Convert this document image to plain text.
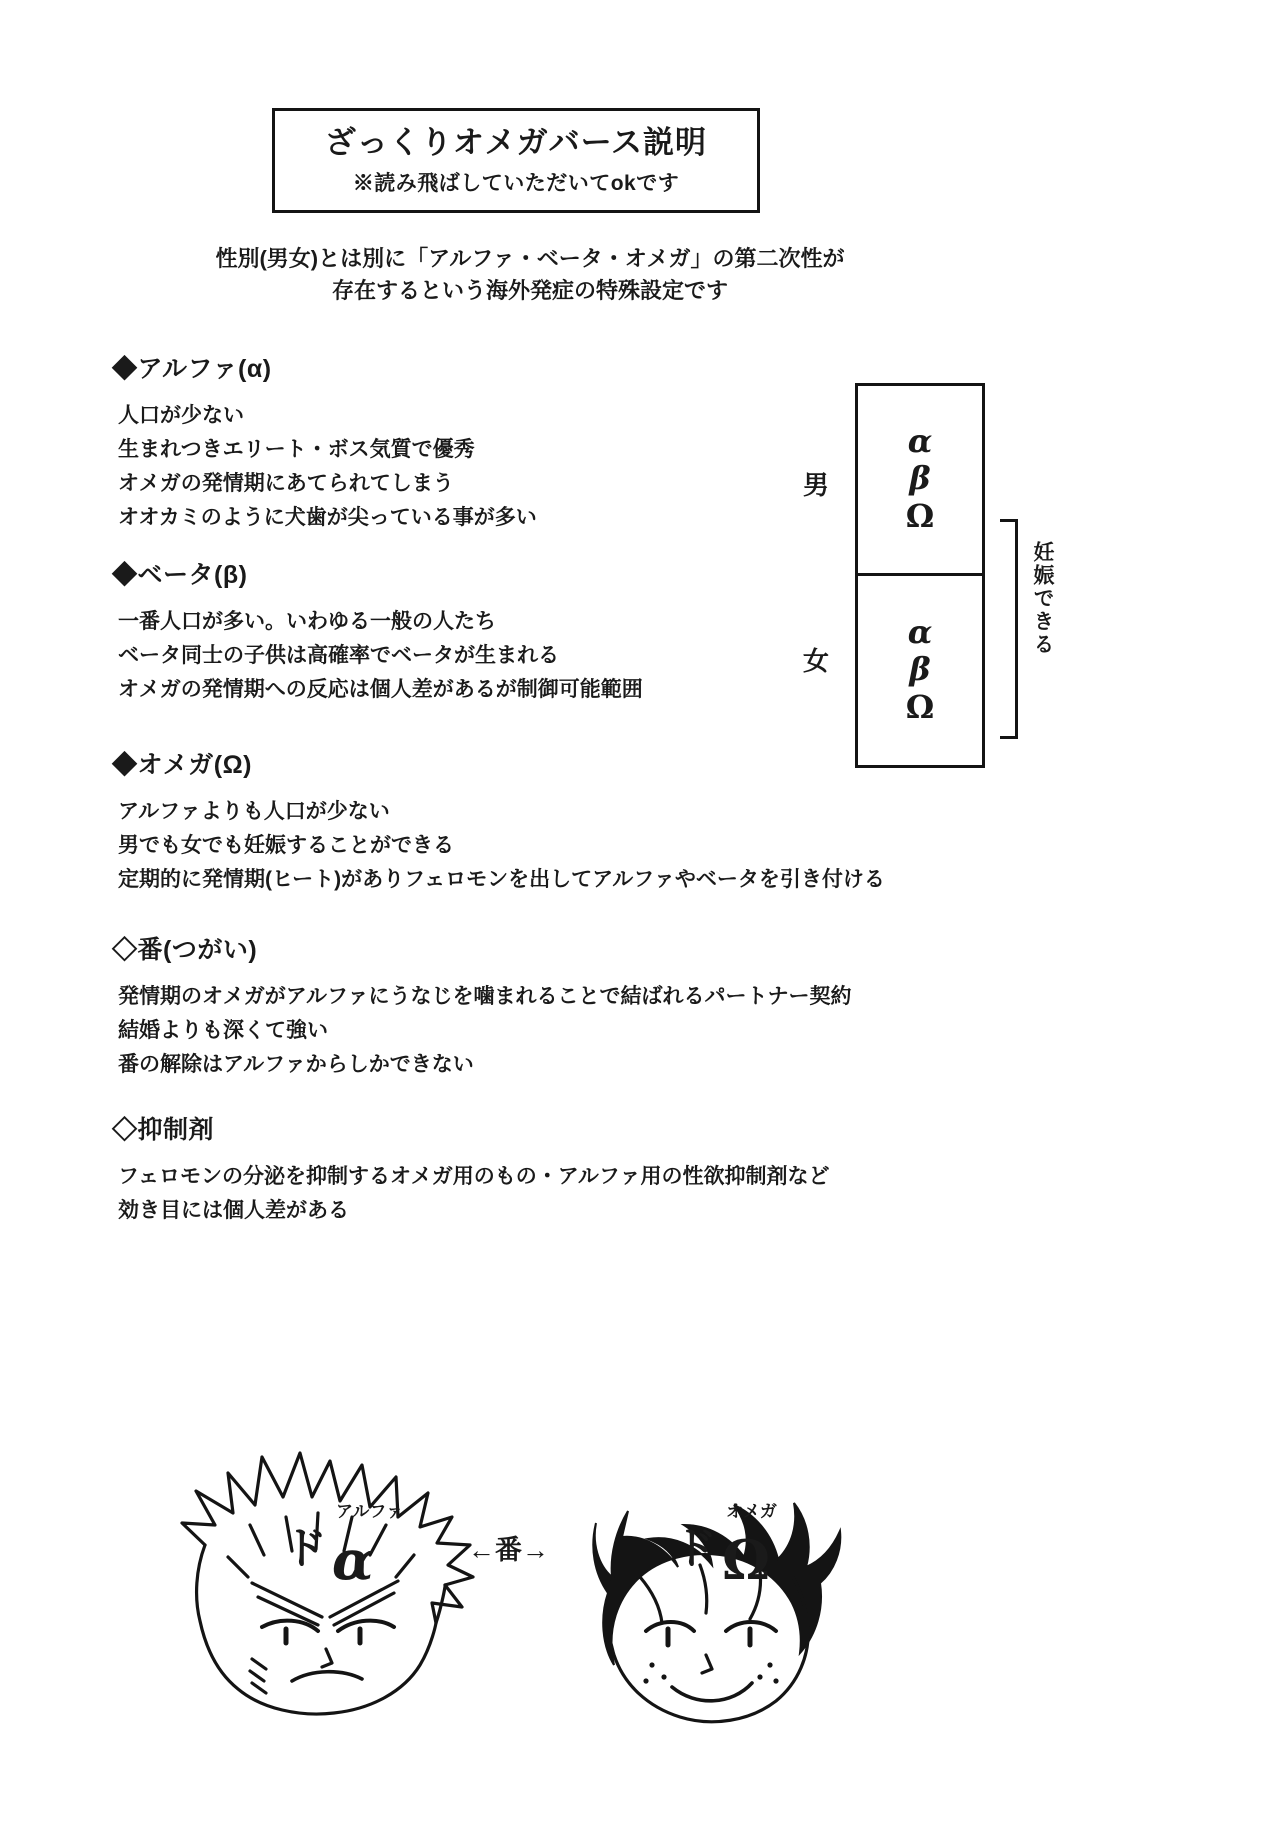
ざっくりオメガバース説明
※読み飛ばしていただいてokです
性別(男女)とは別に「アルファ・ベータ・オメガ」の第二次性が
存在するという海外発症の特殊設定です
◆アルファ(α)
人口が少ない
生まれつきエリート・ボス気質で優秀
オメガの発情期にあてられてしまう
オオカミのように犬歯が尖っている事が多い
◆ベータ(β)
一番人口が多い。いわゆる一般の人たち
ベータ同士の子供は高確率でベータが生まれる
オメガの発情期への反応は個人差があるが制御可能範囲
◆オメガ(Ω)
アルファよりも人口が少ない
男でも女でも妊娠することができる
定期的に発情期(ヒート)がありフェロモンを出してアルファやベータを引き付ける
◇番(つがい)
発情期のオメガがアルファにうなじを噛まれることで結ばれるパートナー契約
結婚よりも深くて強い
番の解除はアルファからしかできない
◇抑制剤
フェロモンの分泌を抑制するオメガ用のもの・アルファ用の性欲抑制剤など
効き目には個人差がある
男
女
α
β
Ω
α
β
Ω
妊娠できる
ド
アルファ
α	ド
オメガ
Ω
←番→
